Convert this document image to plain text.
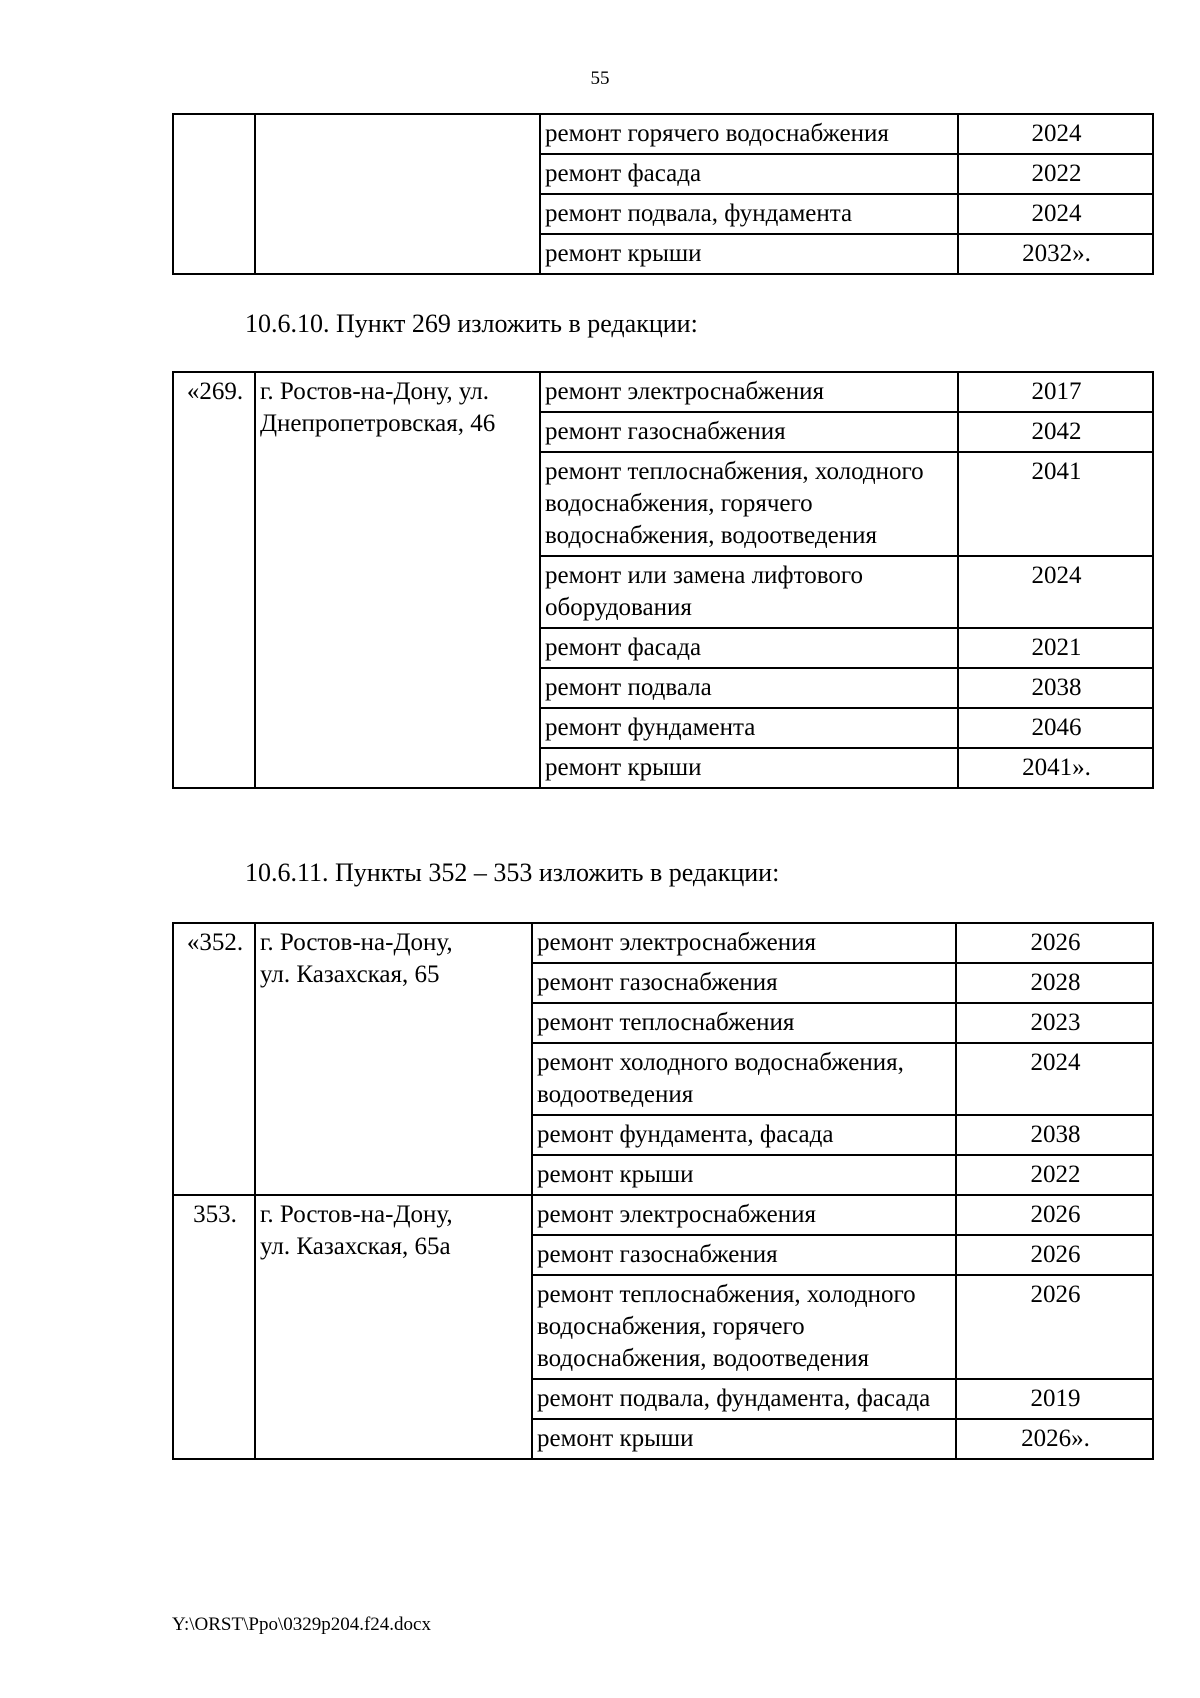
55
		ремонт горячего водоснабжения	2024
		ремонт фасада	2022
		ремонт подвала, фундамента	2024
		ремонт крыши	2032».
10.6.10. Пункт 269 изложить в редакции:
«269.	г. Ростов-на-Дону, ул. Днепропетровская, 46	ремонт электроснабжения	2017
		ремонт газоснабжения	2042
		ремонт теплоснабжения, холодного водоснабжения, горячего водоснабжения, водоотведения	2041
		ремонт или замена лифтового оборудования	2024
		ремонт фасада	2021
		ремонт подвала	2038
		ремонт фундамента	2046
		ремонт крыши	2041».
10.6.11. Пункты 352 – 353 изложить в редакции:
«352.	г. Ростов-на-Дону,
ул. Казахская, 65	ремонт электроснабжения	2026
		ремонт газоснабжения	2028
		ремонт теплоснабжения	2023
		ремонт холодного водоснабжения, водоотведения	2024
		ремонт фундамента, фасада	2038
		ремонт крыши	2022
353.	г. Ростов-на-Дону,
ул. Казахская, 65а	ремонт электроснабжения	2026
		ремонт газоснабжения	2026
		ремонт теплоснабжения, холодного водоснабжения, горячего водоснабжения, водоотведения	2026
		ремонт подвала, фундамента, фасада	2019
		ремонт крыши	2026».
Y:\ORST\Ppo\0329p204.f24.docx
